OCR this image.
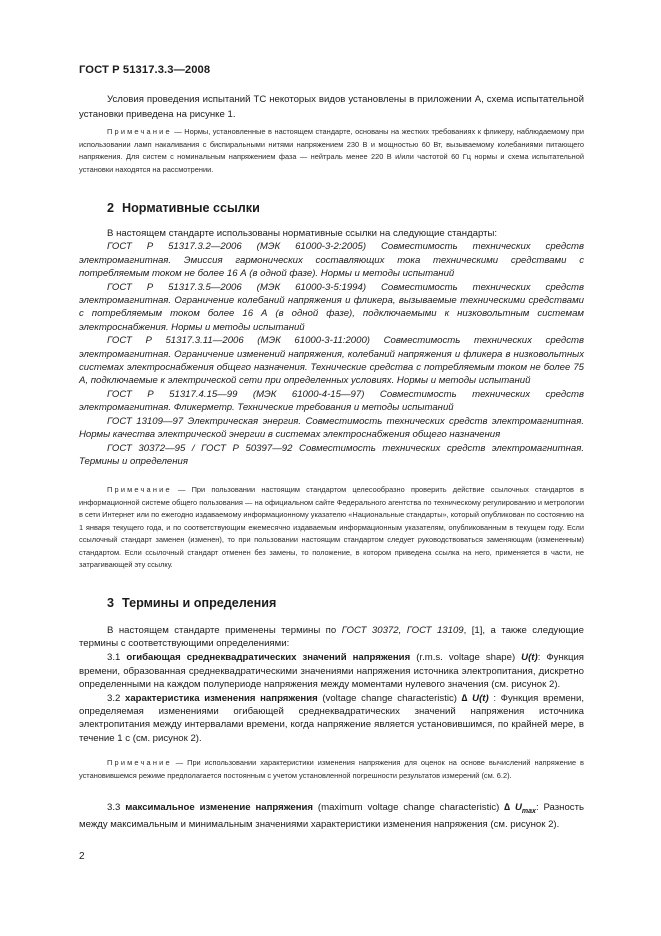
ГОСТ Р 51317.3.3—2008

Условия проведения испытаний ТС некоторых видов установлены в приложении А, схема испытательной установки приведена на рисунке 1.

Примечание — Нормы, установленные в настоящем стандарте, основаны на жестких требованиях к фликеру, наблюдаемому при использовании ламп накаливания с биспиральными нитями напряжением 230 В и мощностью 60 Вт, вызываемому колебаниями питающего напряжения. Для систем с номинальным напряжением фаза — нейтраль менее 220 В и/или частотой 60 Гц нормы и схема испытательной установки находятся на рассмотрении.

2 Нормативные ссылки

В настоящем стандарте использованы нормативные ссылки на следующие стандарты:

ГОСТ Р 51317.3.2—2006 (МЭК 61000-3-2:2005) Совместимость технических средств электромагнитная. Эмиссия гармонических составляющих тока техническими средствами с потребляемым током не более 16 А (в одной фазе). Нормы и методы испытаний

ГОСТ Р 51317.3.5—2006 (МЭК 61000-3-5:1994) Совместимость технических средств электромагнитная. Ограничение колебаний напряжения и фликера, вызываемые техническими средствами с потребляемым током более 16 А (в одной фазе), подключаемыми к низковольтным системам электроснабжения. Нормы и методы испытаний

ГОСТ Р 51317.3.11—2006 (МЭК 61000-3-11:2000) Совместимость технических средств электромагнитная. Ограничение изменений напряжения, колебаний напряжения и фликера в низковольтных системах электроснабжения общего назначения. Технические средства с потребляемым током не более 75 А, подключаемые к электрической сети при определенных условиях. Нормы и методы испытаний

ГОСТ Р 51317.4.15—99 (МЭК 61000-4-15—97) Совместимость технических средств электромагнитная. Фликерметр. Технические требования и методы испытаний

ГОСТ 13109—97 Электрическая энергия. Совместимость технических средств электромагнитная. Нормы качества электрической энергии в системах электроснабжения общего назначения

ГОСТ 30372—95 / ГОСТ Р 50397—92 Совместимость технических средств электромагнитная. Термины и определения

Примечание — При пользовании настоящим стандартом целесообразно проверить действие ссылочных стандартов в информационной системе общего пользования — на официальном сайте Федерального агентства по техническому регулированию и метрологии в сети Интернет или по ежегодно издаваемому информационному указателю «Национальные стандарты», который опубликован по состоянию на 1 января текущего года, и по соответствующим ежемесячно издаваемым информационным указателям, опубликованным в текущем году. Если ссылочный стандарт заменен (изменен), то при пользовании настоящим стандартом следует руководствоваться заменяющим (измененным) стандартом. Если ссылочный стандарт отменен без замены, то положение, в котором приведена ссылка на него, применяется в части, не затрагивающей эту ссылку.

3 Термины и определения

В настоящем стандарте применены термины по ГОСТ 30372, ГОСТ 13109, [1], а также следующие термины с соответствующими определениями:

3.1 огибающая среднеквадратических значений напряжения (r.m.s. voltage shape) U(t): Функция времени, образованная среднеквадратическими значениями напряжения источника электропитания, дискретно определенными на каждом полупериоде напряжения между моментами нулевого значения (см. рисунок 2).

3.2 характеристика изменения напряжения (voltage change characteristic) ∆ U(t) : Функция времени, определяемая изменениями огибающей среднеквадратических значений напряжения источника электропитания между интервалами времени, когда напряжение является установившимся, по крайней мере, в течение 1 с (см. рисунок 2).

Примечание — При использовании характеристики изменения напряжения для оценок на основе вычислений напряжение в установившемся режиме предполагается постоянным с учетом установленной погрешности результатов измерений (см. 6.2).

3.3 максимальное изменение напряжения (maximum voltage change characteristic) ∆ $U_{max}$: Разность между максимальным и минимальным значениями характеристики изменения напряжения (см. рисунок 2).

2
